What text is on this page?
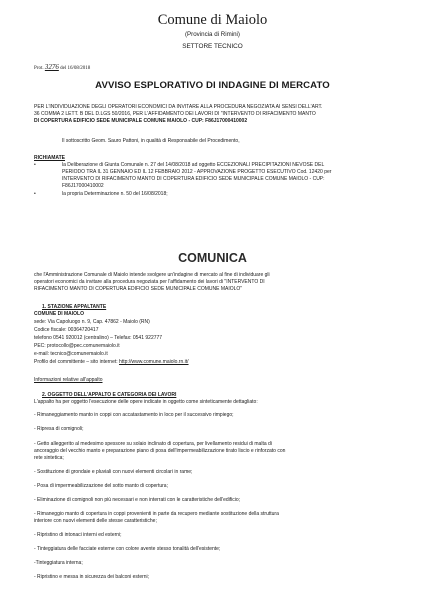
Comune di Maiolo
(Provincia di Rimini)
SETTORE TECNICO
Prot. 3276 del 16/08/2018
AVVISO ESPLORATIVO DI INDAGINE DI MERCATO
PER L'INDIVIDUAZIONE DEGLI OPERATORI ECONOMICI DA INVITARE ALLA PROCEDURA NEGOZIATA AI SENSI DELL'ART.
36 COMMA 2 LETT. B DEL D.LGS 50/2016, PER L'AFFIDAMENTO DEI LAVORI DI "INTERVENTO DI RIFACIMENTO MANTO
DI COPERTURA EDIFICIO SEDE MUNICIPALE COMUNE MAIOLO - CUP: F86J17000410002
Il sottoscritto Geom. Sauro Pattoni, in qualità di Responsabile del Procedimento,
RICHIAMATE
•	la Deliberazione di Giunta Comunale n. 27 del 14/08/2018 ad oggetto ECCEZIONALI PRECIPITAZIONI NEVOSE DEL
PERIODO TRA IL 31 GENNAIO ED IL 12 FEBBRAIO 2012 - APPROVAZIONE PROGETTO ESECUTIVO Cod. 12420 per
INTERVENTO DI RIFACIMENTO MANTO DI COPERTURA EDIFICIO SEDE MUNICIPALE COMUNE MAIOLO - CUP:
F86J17000410002
•	la propria Determinazione n. 50 del 16/08/2018;
COMUNICA
che l'Amministrazione Comunale di Maiolo intende svolgere un'indagine di mercato al fine di individuare gli
operatori economici da invitare alla procedura negoziata per l'affidamento dei lavori di "INTERVENTO DI
RIFACIMENTO MANTO DI COPERTURA EDIFICIO SEDE MUNICIPALE COMUNE MAIOLO"
1. STAZIONE APPALTANTE
COMUNE DI MAIOLO
sede: Via Capoluogo n. 9, Cap. 47862 - Maiolo (RN)
Codice fiscale: 00364720417
telefono 0541 920012 (centralino) – Telefax: 0541 922777
PEC: protocollo@pec.comunemaiolo.it
e-mail: tecnico@comunemaiolo.it
Profilo del committente – sito internet: http://www.comune.maiolo.rn.it/
Informazioni relative all'appalto
2. OGGETTO DELL'APPALTO E CATEGORIA DEI LAVORI
L'appalto ha per oggetto l'esecuzione delle opere indicate in oggetto come sinteticamente dettagliato:
- Rimaneggiamento manto in coppi con accatastamento in loco per il successivo rimpiego;
- Ripresa di comignoli;
- Getto alleggerito al medesimo spessore su solaio inclinato di copertura, per livellamento residui di malta di
ancoraggio del vecchio manto e preparazione piano di posa dell'impermeabilizzazione tirato liscio e rinforzato con
rete sintetica;
- Sostituzione di grondaie e pluviali con nuovi elementi circolari in rame;
- Posa di impermeabilizzazione del sotto manto di copertura;
- Eliminazione di comignoli non più necessari e non interrati con le caratteristiche dell'edificio;
- Rimaneggio manto di copertura in coppi provenienti in parte da recupero mediante sostituzione della struttura
interiore con nuovi elementi delle stesse caratteristiche;
- Ripristino di intonaci interni ed esterni;
- Tinteggiatura delle facciate esterne con colore avente stesso tonalità dell'esistente;
-Tinteggiatura interna;
- Ripristino e messa in sicurezza dei balconi esterni;
